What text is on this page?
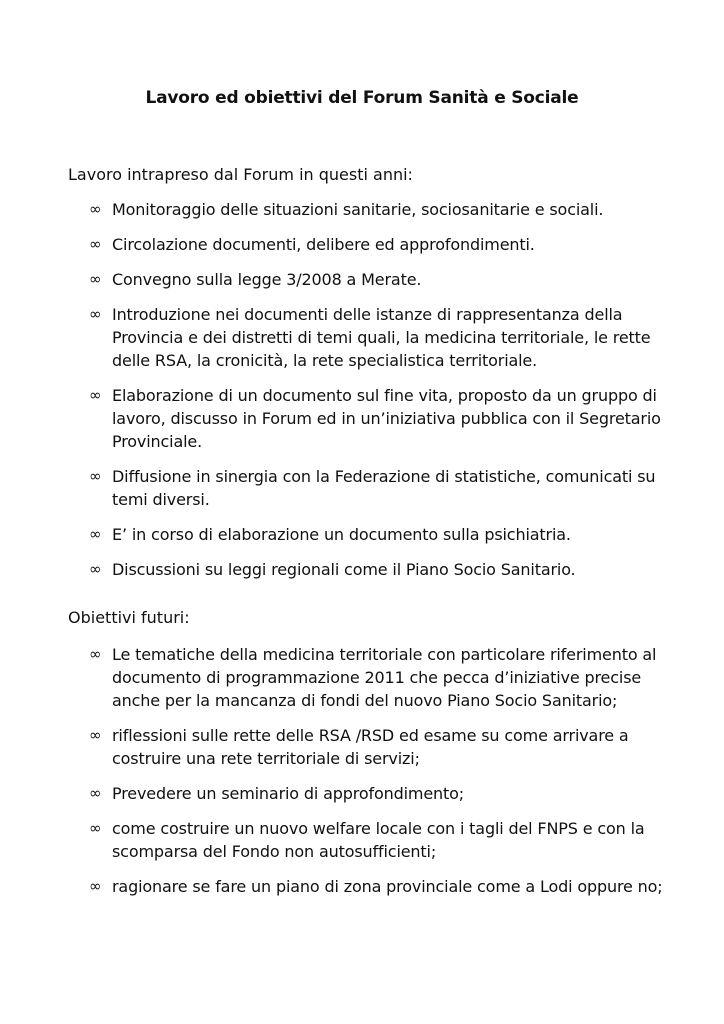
Lavoro ed obiettivi del Forum Sanità e Sociale
Lavoro intrapreso dal Forum in questi anni:
∞ Monitoraggio delle situazioni sanitarie, sociosanitarie e sociali.
∞ Circolazione documenti, delibere ed approfondimenti.
∞ Convegno sulla legge 3/2008 a Merate.
∞ Introduzione nei documenti delle istanze di rappresentanza della Provincia e dei distretti di temi quali, la medicina territoriale, le rette delle RSA, la cronicità, la rete specialistica territoriale.
∞ Elaborazione di un documento sul fine vita, proposto da un gruppo di lavoro, discusso in Forum ed in un’iniziativa pubblica con il Segretario Provinciale.
∞ Diffusione in sinergia con la Federazione di statistiche, comunicati su temi diversi.
∞ E’ in corso di elaborazione un documento sulla psichiatria.
∞ Discussioni su leggi regionali come il Piano Socio Sanitario.
Obiettivi futuri:
∞ Le tematiche della medicina territoriale con particolare riferimento al documento di programmazione 2011 che pecca d’iniziative precise anche per la mancanza di fondi del nuovo Piano Socio Sanitario;
∞ riflessioni sulle rette delle RSA /RSD ed esame su come arrivare a costruire una rete territoriale di servizi;
∞ Prevedere un seminario di approfondimento;
∞ come costruire un nuovo welfare locale con i tagli del FNPS e con la scomparsa del Fondo non autosufficienti;
∞ ragionare se fare un piano di zona provinciale come a Lodi oppure no;
